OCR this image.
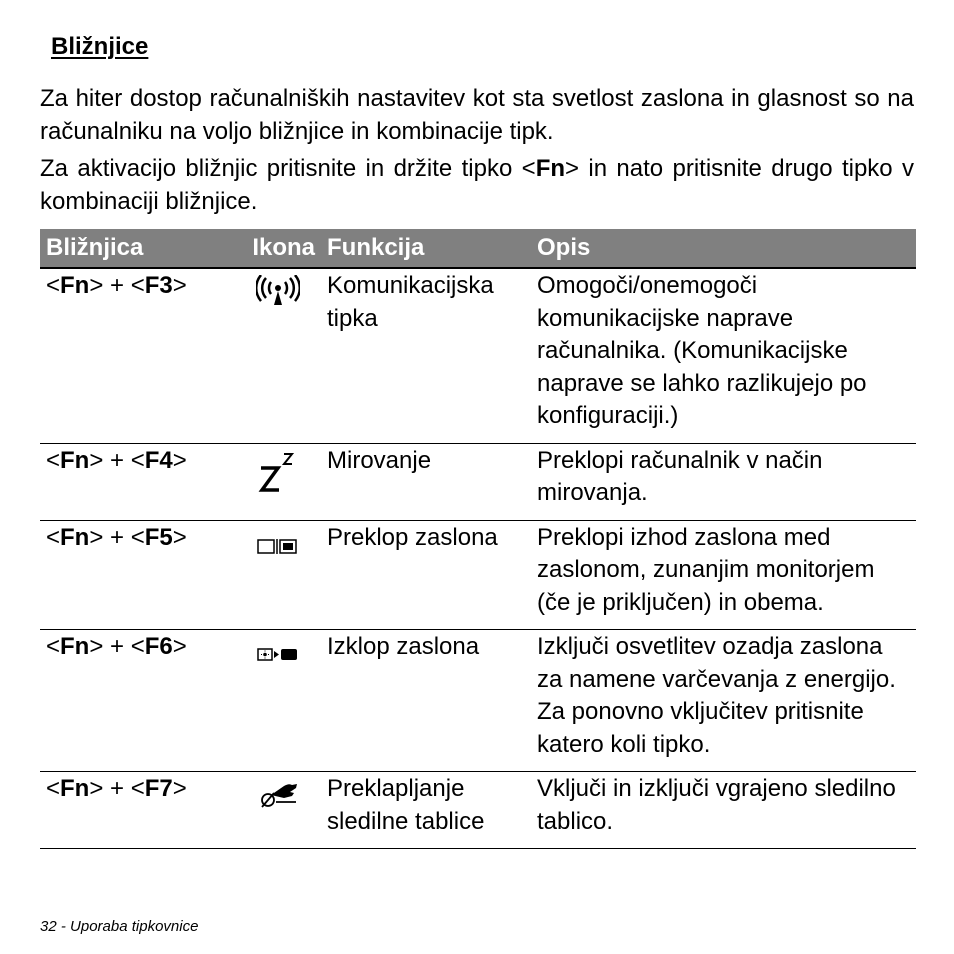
Bližnjice
Za hiter dostop računalniških nastavitev kot sta svetlost zaslona in glasnost so na računalniku na voljo bližnjice in kombinacije tipk.
Za aktivacijo bližnjic pritisnite in držite tipko <Fn> in nato pritisnite drugo tipko v kombinaciji bližnjice.
Bližnjica	Ikona	Funkcija	Opis
<Fn> + <F3>		Komunikacijska tipka	Omogoči/onemogoči komunikacijske naprave računalnika. (Komunikacijske naprave se lahko razlikujejo po konfiguraciji.)
<Fn> + <F4>		Mirovanje	Preklopi računalnik v način mirovanja.
<Fn> + <F5>		Preklop zaslona	Preklopi izhod zaslona med zaslonom, zunanjim monitorjem (če je priključen) in obema.
<Fn> + <F6>		Izklop zaslona	Izključi osvetlitev ozadja zaslona za namene varčevanja z energijo. Za ponovno vključitev pritisnite katero koli tipko.
<Fn> + <F7>		Preklapljanje sledilne tablice	Vključi in izključi vgrajeno sledilno tablico.
32 - Uporaba tipkovnice
